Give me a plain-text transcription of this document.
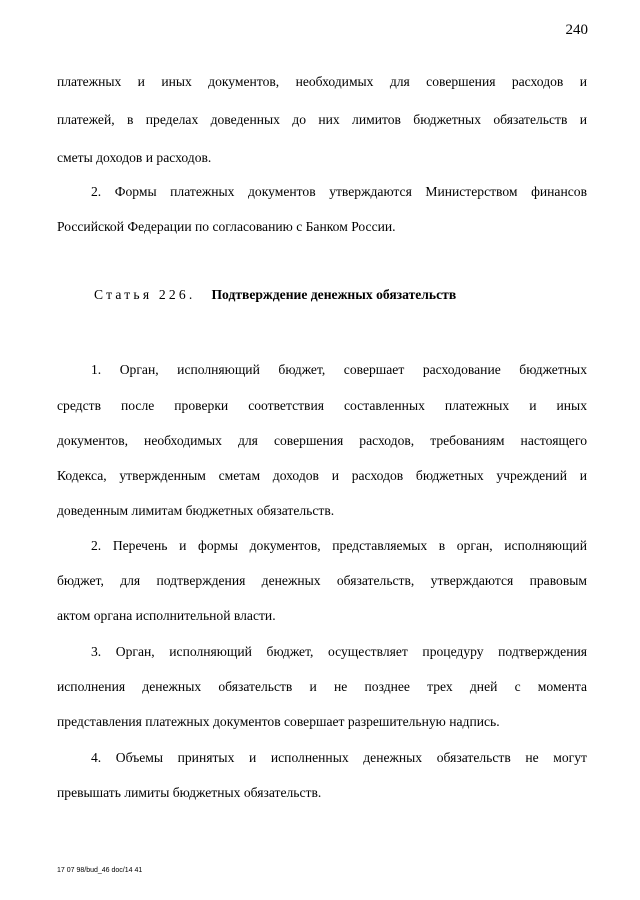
240
платежных и иных документов, необходимых для совершения расходов и
платежей, в пределах доведенных до них лимитов бюджетных обязательств и
сметы доходов и расходов.
2. Формы платежных документов утверждаются Министерством финансов
Российской Федерации по согласованию с Банком России.
1. Орган, исполняющий бюджет, совершает расходование бюджетных
средств после проверки соответствия составленных платежных и иных
документов, необходимых для совершения расходов, требованиям настоящего
Кодекса, утвержденным сметам доходов и расходов бюджетных учреждений и
доведенным лимитам бюджетных обязательств.
2. Перечень и формы документов, представляемых в орган, исполняющий
бюджет, для подтверждения денежных обязательств, утверждаются правовым
актом органа исполнительной власти.
3. Орган, исполняющий бюджет, осуществляет процедуру подтверждения
исполнения денежных обязательств и не позднее трех дней с момента
представления платежных документов совершает разрешительную надпись.
4. Объемы принятых и исполненных денежных обязательств не могут
превышать лимиты бюджетных обязательств.
Статья 226. Подтверждение денежных обязательств
17 07 98/bud_46 doc/14 41
